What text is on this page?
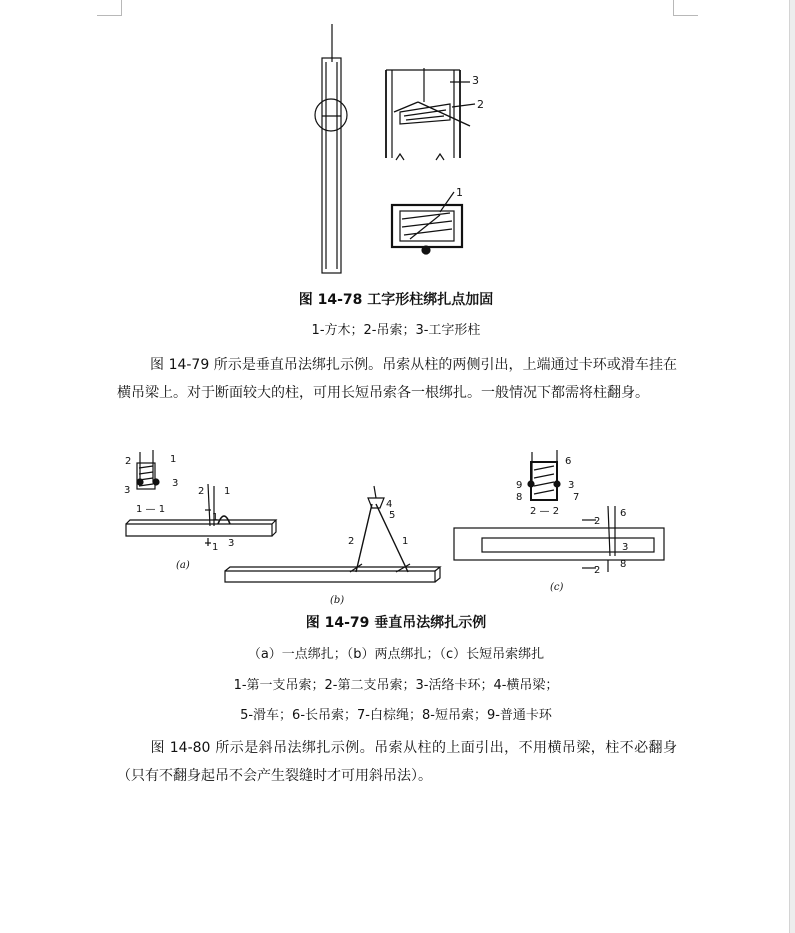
3
2
1
图 14-78 工字形柱绑扎点加固
1-方木；2-吊索；3-工字形柱

图 14-79 所示是垂直吊法绑扎示例。吊索从柱的两侧引出，上端通过卡环或滑车挂在横吊梁上。对于断面较大的柱，可用长短吊索各一根绑扎。一般情况下都需将柱翻身。

2	1
3
3
1 — 1
2 1
1
1 3
(a)
4
5
2	1
(b)
6
9	3
8	7
2 — 2	6
2
3
8
2
(c)
图 14-79 垂直吊法绑扎示例
（a）一点绑扎；（b）两点绑扎；（c）长短吊索绑扎
1-第一支吊索；2-第二支吊索；3-活络卡环；4-横吊梁；
5-滑车；6-长吊索；7-白棕绳；8-短吊索；9-普通卡环

图 14-80 所示是斜吊法绑扎示例。吊索从柱的上面引出，不用横吊梁，柱不必翻身（只有不翻身起吊不会产生裂缝时才可用斜吊法）。
